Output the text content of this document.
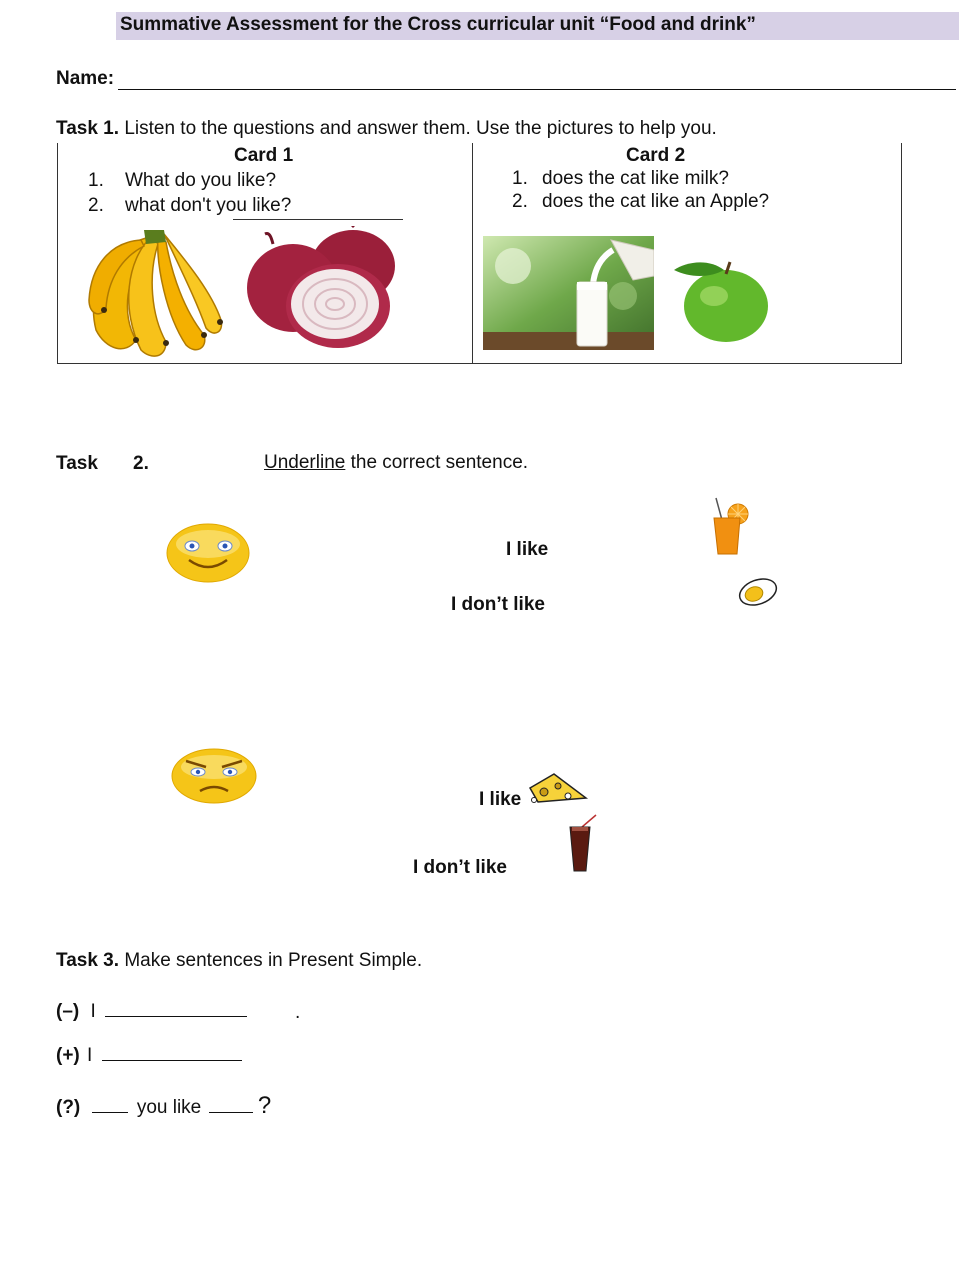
Summative Assessment for the Cross curricular unit “Food and drink”
Name:
Task 1. Listen to the questions and answer them. Use the pictures to help you.
Card 1
1. What do you like?
2. what don't you like?
Card 2
1. does the cat like milk?
2. does the cat like an Apple?
Task 2.	Underline the correct sentence.
I like
I don’t like
I like
I don’t like
Task 3. Make sentences in Present Simple.
(–) I	.
(+) I
(?)	you like ?
